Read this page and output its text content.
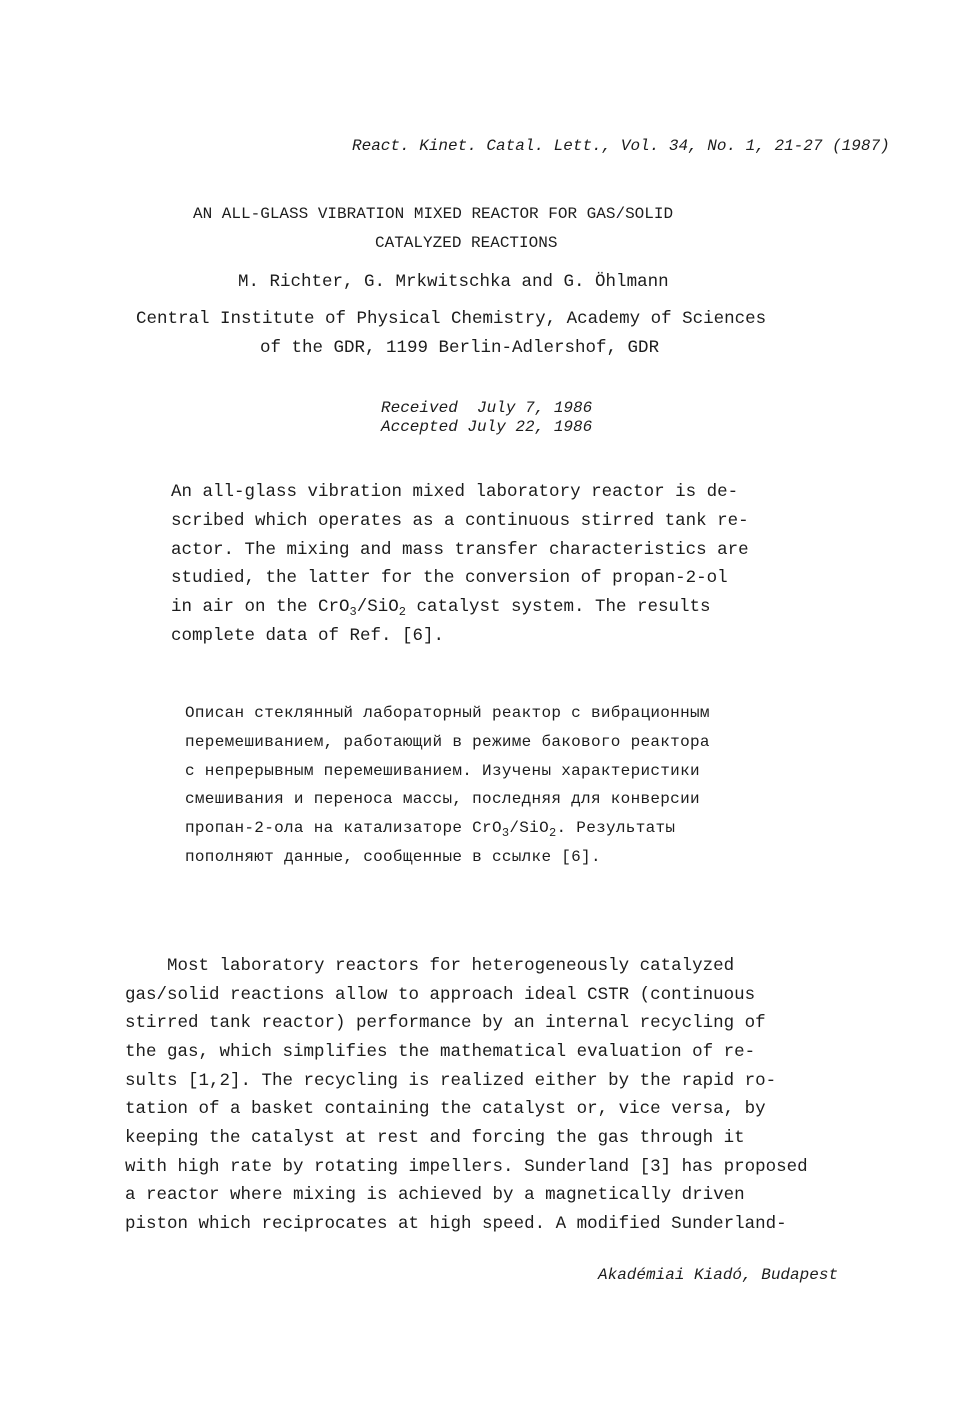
React. Kinet. Catal. Lett., Vol. 34, No. 1, 21-27 (1987)

AN ALL-GLASS VIBRATION MIXED REACTOR FOR GAS/SOLID

CATALYZED REACTIONS

M. Richter, G. Mrkwitschka and G. Öhlmann

Central Institute of Physical Chemistry, Academy of Sciences

of the GDR, 1199 Berlin-Adlershof, GDR

Received  July 7, 1986

Accepted July 22, 1986

An all-glass vibration mixed laboratory reactor is de-

scribed which operates as a continuous stirred tank re-

actor. The mixing and mass transfer characteristics are

studied, the latter for the conversion of propan-2-ol

in air on the CrO$_3$/SiO$_2$ catalyst system. The results

complete data of Ref. [6].

Описан стеклянный лабораторный реактор с вибрационным

перемешиванием, работающий в режиме бакового реактора

с непрерывным перемешиванием. Изучены характеристики

смешивания и переноса массы, последняя для конверсии

пропан-2-ола на катализаторе CrO$_3$/SiO$_2$. Результаты

пополняют данные, сообщенные в ссылке [6].

Most laboratory reactors for heterogeneously catalyzed

gas/solid reactions allow to approach ideal CSTR (continuous

stirred tank reactor) performance by an internal recycling of

the gas, which simplifies the mathematical evaluation of re-

sults [1,2]. The recycling is realized either by the rapid ro-

tation of a basket containing the catalyst or, vice versa, by

keeping the catalyst at rest and forcing the gas through it

with high rate by rotating impellers. Sunderland [3] has proposed

a reactor where mixing is achieved by a magnetically driven

piston which reciprocates at high speed. A modified Sunderland-

Akadémiai Kiadó, Budapest
